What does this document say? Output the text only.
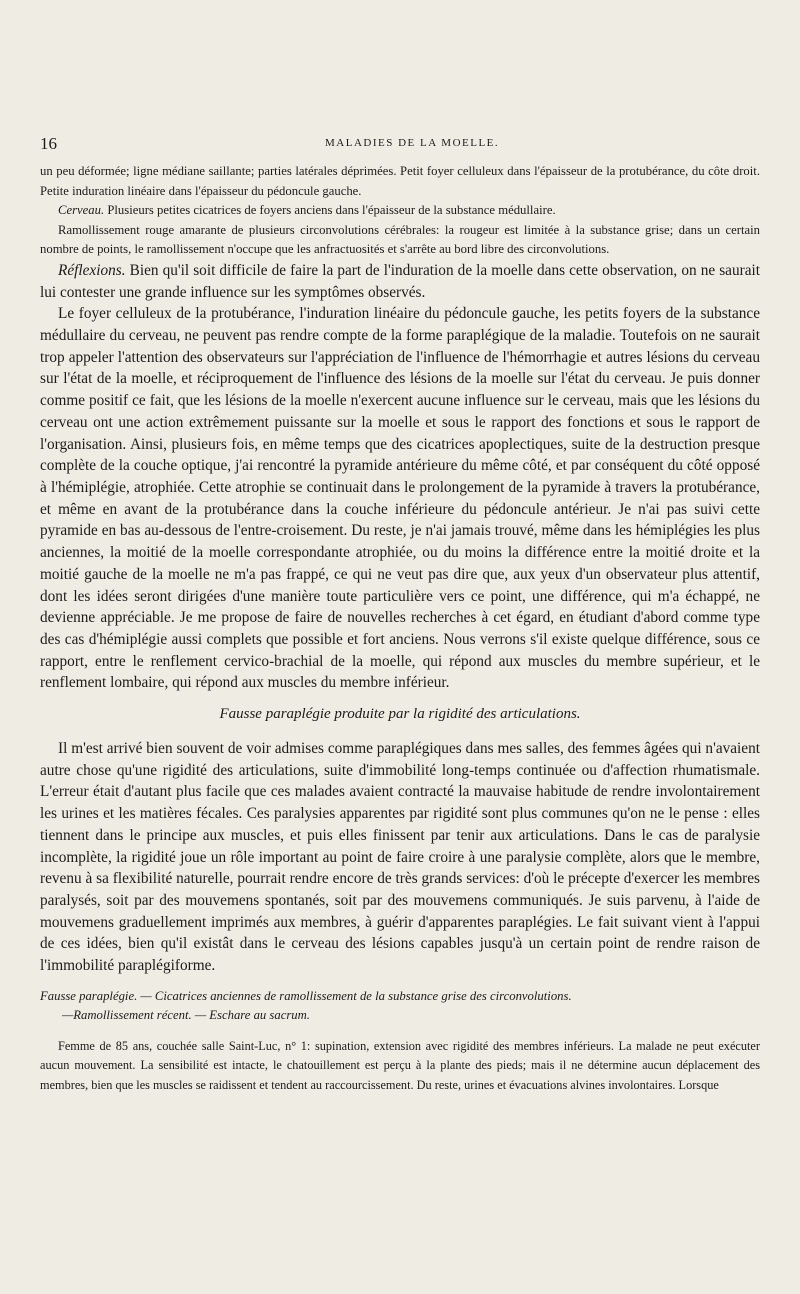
16	MALADIES DE LA MOELLE.

un peu déformée; ligne médiane saillante; parties latérales déprimées. Petit foyer celluleux dans l'épaisseur de la protubérance, du côte droit. Petite induration linéaire dans l'épaisseur du pédoncule gauche.

Cerveau. Plusieurs petites cicatrices de foyers anciens dans l'épaisseur de la substance médullaire.

Ramollissement rouge amarante de plusieurs circonvolutions cérébrales: la rougeur est limitée à la substance grise; dans un certain nombre de points, le ramollissement n'occupe que les anfractuosités et s'arrête au bord libre des circonvolutions.

Réflexions. Bien qu'il soit difficile de faire la part de l'induration de la moelle dans cette observation, on ne saurait lui contester une grande influence sur les symptômes observés.

Le foyer celluleux de la protubérance, l'induration linéaire du pédoncule gauche, les petits foyers de la substance médullaire du cerveau, ne peuvent pas rendre compte de la forme paraplégique de la maladie. Toutefois on ne saurait trop appeler l'attention des observateurs sur l'appréciation de l'influence de l'hémorrhagie et autres lésions du cerveau sur l'état de la moelle, et réciproquement de l'influence des lésions de la moelle sur l'état du cerveau. Je puis donner comme positif ce fait, que les lésions de la moelle n'exercent aucune influence sur le cerveau, mais que les lésions du cerveau ont une action extrêmement puissante sur la moelle et sous le rapport des fonctions et sous le rapport de l'organisation. Ainsi, plusieurs fois, en même temps que des cicatrices apoplectiques, suite de la destruction presque complète de la couche optique, j'ai rencontré la pyramide antérieure du même côté, et par conséquent du côté opposé à l'hémiplégie, atrophiée. Cette atrophie se continuait dans le prolongement de la pyramide à travers la protubérance, et même en avant de la protubérance dans la couche inférieure du pédoncule antérieur. Je n'ai pas suivi cette pyramide en bas au-dessous de l'entre-croisement. Du reste, je n'ai jamais trouvé, même dans les hémiplégies les plus anciennes, la moitié de la moelle correspondante atrophiée, ou du moins la différence entre la moitié droite et la moitié gauche de la moelle ne m'a pas frappé, ce qui ne veut pas dire que, aux yeux d'un observateur plus attentif, dont les idées seront dirigées d'une manière toute particulière vers ce point, une différence, qui m'a échappé, ne devienne appréciable. Je me propose de faire de nouvelles recherches à cet égard, en étudiant d'abord comme type des cas d'hémiplégie aussi complets que possible et fort anciens. Nous verrons s'il existe quelque différence, sous ce rapport, entre le renflement cervico-brachial de la moelle, qui répond aux muscles du membre supérieur, et le renflement lombaire, qui répond aux muscles du membre inférieur.

Fausse paraplégie produite par la rigidité des articulations.

Il m'est arrivé bien souvent de voir admises comme paraplégiques dans mes salles, des femmes âgées qui n'avaient autre chose qu'une rigidité des articulations, suite d'immobilité long-temps continuée ou d'affection rhumatismale. L'erreur était d'autant plus facile que ces malades avaient contracté la mauvaise habitude de rendre involontairement les urines et les matières fécales. Ces paralysies apparentes par rigidité sont plus communes qu'on ne le pense : elles tiennent dans le principe aux muscles, et puis elles finissent par tenir aux articulations. Dans le cas de paralysie incomplète, la rigidité joue un rôle important au point de faire croire à une paralysie complète, alors que le membre, revenu à sa flexibilité naturelle, pourrait rendre encore de très grands services: d'où le précepte d'exercer les membres paralysés, soit par des mouvemens spontanés, soit par des mouvemens communiqués. Je suis parvenu, à l'aide de mouvemens graduellement imprimés aux membres, à guérir d'apparentes paraplégies. Le fait suivant vient à l'appui de ces idées, bien qu'il existât dans le cerveau des lésions capables jusqu'à un certain point de rendre raison de l'immobilité paraplégiforme.

Fausse paraplégie. — Cicatrices anciennes de ramollissement de la substance grise des circonvolutions.
—Ramollissement récent. — Eschare au sacrum.

Femme de 85 ans, couchée salle Saint-Luc, n° 1: supination, extension avec rigidité des membres inférieurs. La malade ne peut exécuter aucun mouvement. La sensibilité est intacte, le chatouillement est perçu à la plante des pieds; mais il ne détermine aucun déplacement des membres, bien que les muscles se raidissent et tendent au raccourcissement. Du reste, urines et évacuations alvines involontaires. Lorsque
